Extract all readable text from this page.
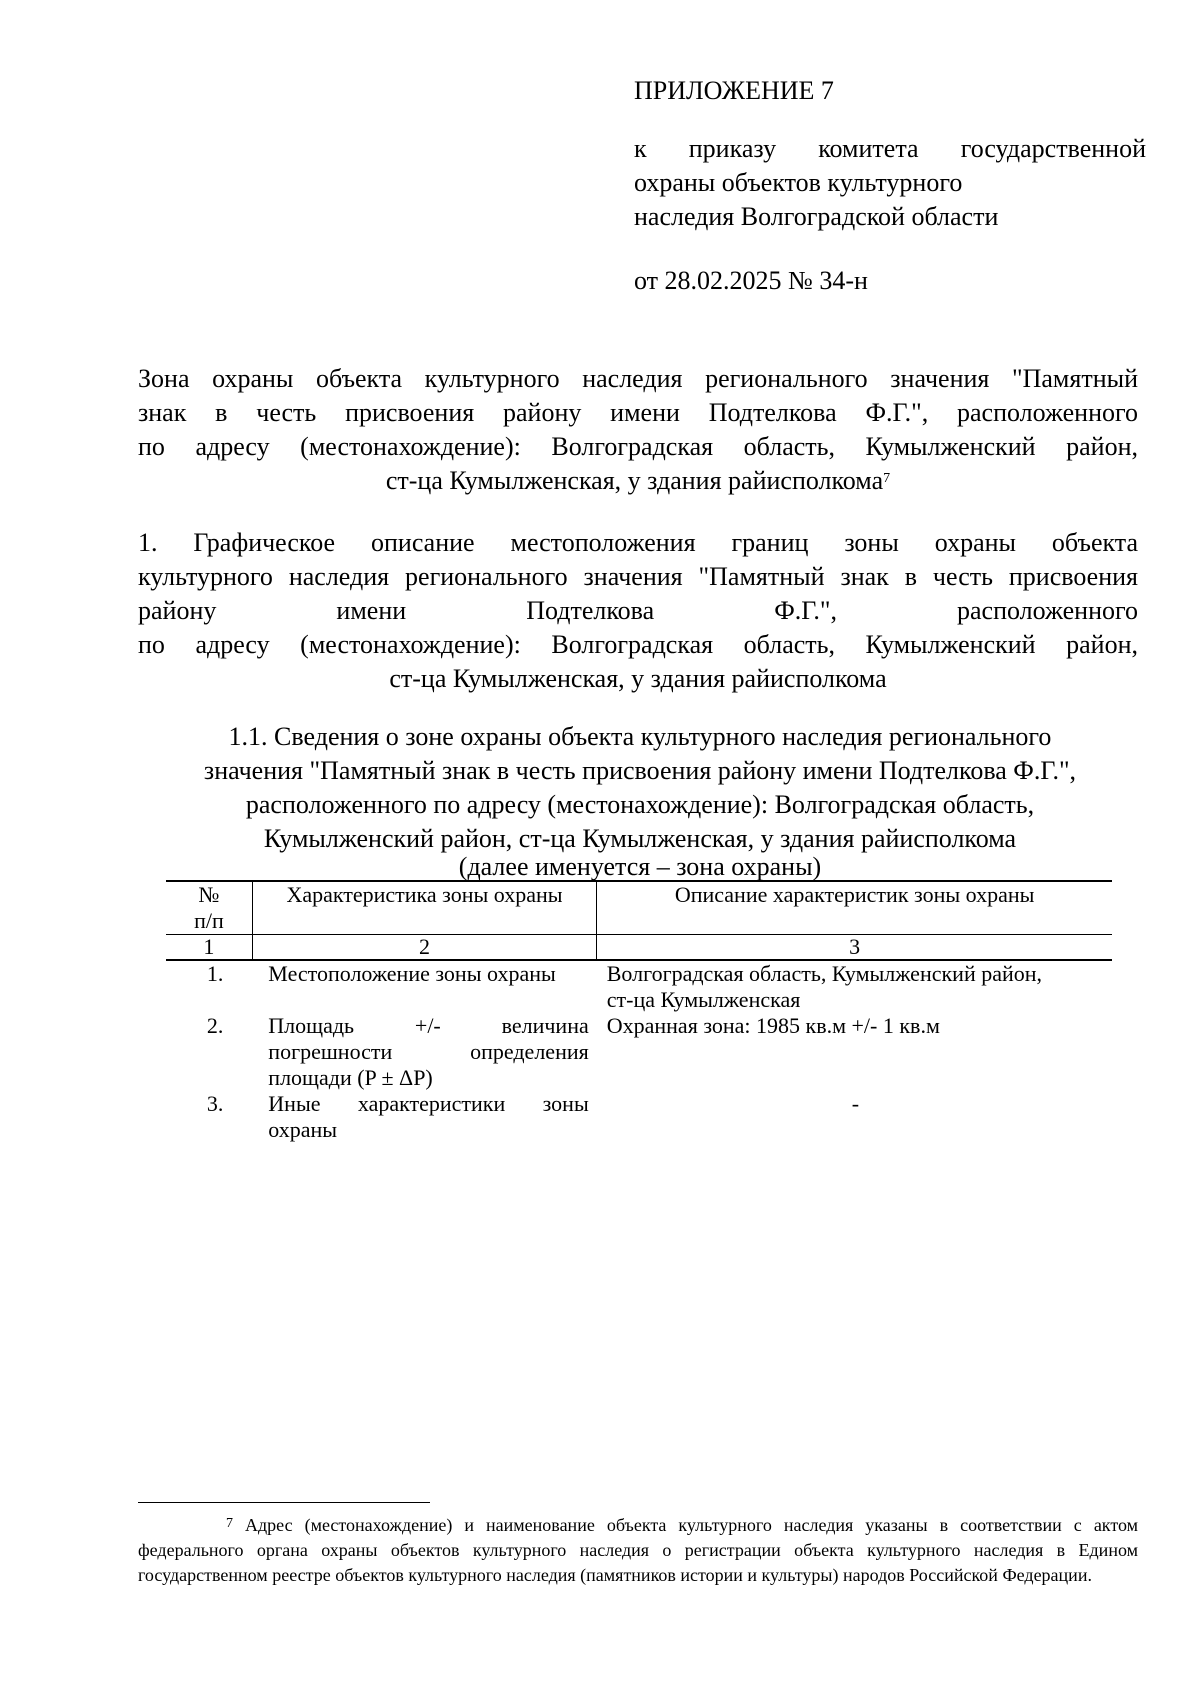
ПРИЛОЖЕНИЕ 7
к приказу комитета государственной
охраны объектов культурного
наследия Волгоградской области
от 28.02.2025 № 34-н
Зона охраны объекта культурного наследия регионального значения "Памятный
знак в честь присвоения району имени Подтелкова Ф.Г.", расположенного
по адресу (местонахождение): Волгоградская область, Кумылженский район,
ст-ца Кумылженская, у здания райисполкома$^7$
1. Графическое описание местоположения границ зоны охраны объекта
культурного наследия регионального значения "Памятный знак в честь присвоения
району имени Подтелкова Ф.Г.", расположенного
по адресу (местонахождение): Волгоградская область, Кумылженский район,
ст-ца Кумылженская, у здания райисполкома
1.1. Сведения о зоне охраны объекта культурного наследия регионального
значения "Памятный знак в честь присвоения району имени Подтелкова Ф.Г.",
расположенного по адресу (местонахождение): Волгоградская область,
Кумылженский район, ст-ца Кумылженская, у здания райисполкома
(далее именуется – зона охраны)
№
п/п	Характеристика зоны охраны	Описание характеристик зоны охраны
1	2	3
1.	Местоположение зоны охраны	Волгоградская область, Кумылженский район,
ст-ца Кумылженская

2.	Площадь +/- величина
погрешности определения
площади (P ± ΔP)	Охранная зона: 1985 кв.м +/- 1 кв.м
3.	Иные характеристики зоны
охраны	-
$^7$ Адрес (местонахождение) и наименование объекта культурного наследия указаны в соответствии с актом федерального органа охраны объектов культурного наследия о регистрации объекта культурного наследия в Едином государственном реестре объектов культурного наследия (памятников истории и культуры) народов Российской Федерации.
